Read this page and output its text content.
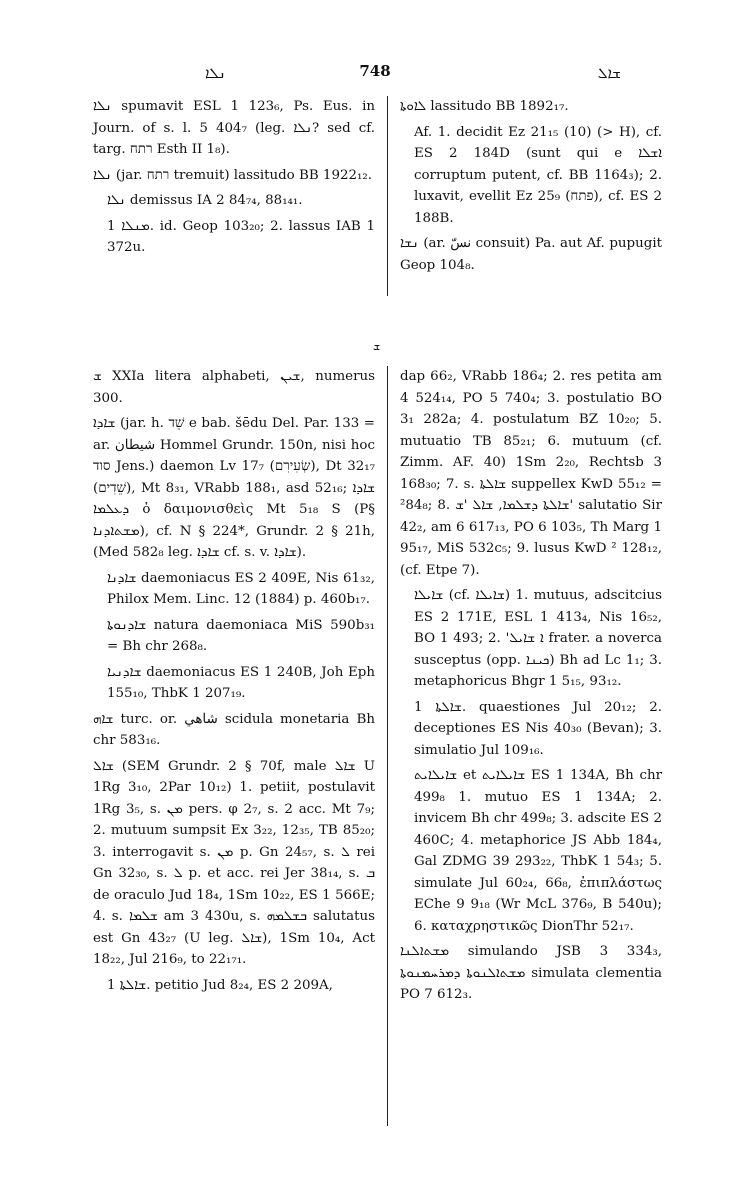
ܢܠܐ	748	ܫܐܠ

ܢܠܐ spumavit ESL 1 123₆, Ps. Eus. in Journ. of s. l. 5 404₇ (leg. ܢܠܐ? sed cf. targ. רתח Esth II 1₈).

ܢܠܐ (jar. רתח tremuit) lassitudo BB 1922₁₂.

ܢܠܐ demissus IA 2 84₇₄, 88₁₄₁.

ܡܢܠܐ 1. id. Geop 103₂₀; 2. lassus IAB 1 372u.

ܠܐܘܬܐ lassitudo BB 1892₁₇.

Af. 1. decidit Ez 21₁₅ (10) (> H), cf. ES 2 184D (sunt qui e ܐܫܠܐ corruptum putent, cf. BB 1164₃); 2. luxavit, evellit Ez 25₉ (פתח), cf. ES 2 188B.

ܢܫܐ (ar. نسّ consuit) Pa. aut Af. pupugit Geop 104₈.

ܫ

ܫ XXIa litera alphabeti, ܫܝܢ, numerus 300.

ܫܐܕܐ (jar. h. שֵׁד e bab. šēdu Del. Par. 133 = ar. شيطان Hommel Grundr. 150n, nisi hoc סוד Jens.) daemon Lv 17₇ (שְׂעִירִם), Dt 32₁₇ (שֵׁדִים), Mt 8₃₁, VRabb 188₁, asd 52₁₆; ܫܐܕܐ ܕܥܠܡܐ ὁ δαιμονισθεὶς Mt 5₁₈ S (P§ ܡܫܬܐܕܢܐ), cf. N § 224*, Grundr. 2 § 21h, (Med 582₈ leg. ܫܐܕܐ cf. s. v. ܫܐܕܐ).

ܫܐܕܢܐ daemoniacus ES 2 409E, Nis 61₃₂, Philox Mem. Linc. 12 (1884) p. 460b₁₇.

ܫܐܕܢܘܬܐ natura daemoniaca MiS 590b₃₁ = Bh chr 268₈.

ܫܐܕܢܝܐ daemoniacus ES 1 240B, Joh Eph 155₁₀, ThbK 1 207₁₉.

ܫܐܗ turc. or. شاهي scidula monetaria Bh chr 583₁₆.

ܫܐܠ (SEM Grundr. 2 § 70f, male ܫܐܠ U 1Rg 3₁₀, 2Par 10₁₂) 1. petiit, postulavit 1Rg 3₅, s. ܡܢ pers. φ 2₇, s. 2 acc. Mt 7₉; 2. mutuum sumpsit Ex 3₂₂, 12₃₅, TB 85₂₀; 3. interrogavit s. ܡܢ p. Gn 24₅₇, s. ܠ rei Gn 32₃₀, s. ܠ p. et acc. rei Jer 38₁₄, s. ܒ de oraculo Jud 18₄, 1Sm 10₂₂, ES 1 566E; 4. s. ܫܠܡܐ am 3 430u, s. ܒܫܠܡܗ salutatus est Gn 43₂₇ (U leg. ܫܐܠ), 1Sm 10₄, Act 18₂₂, Jul 216₉, to 22₁₇₁.

ܫܐܠܬܐ 1. petitio Jud 8₂₄, ES 2 209A,

dap 66₂, VRabb 186₄; 2. res petita am 4 524₁₄, PO 5 740₄; 3. postulatio BO 3₁ 282a; 4. postulatum BZ 10₂₀; 5. mutuatio TB 85₂₁; 6. mutuum (cf. Zimm. AF. 40) 1Sm 2₂₀, Rechtsb 3 168₃₀; 7. s. ܫܐܠܬܐ suppellex KwD 55₁₂ = ²84₈; 8. ܫܐܠܬܐ ܕܫܠܡܐ, ܫܐܠ 'ܫ' salutatio Sir 42₂, am 6 617₁₃, PO 6 103₅, Th Marg 1 95₁₇, MiS 532c₅; 9. lusus KwD ² 128₁₂, (cf. Etpe 7).

ܫܐܝܠܐ (cf. ܫܐܝܠܐ) 1. mutuus, adscitcius ES 2 171E, ESL 1 413₄, Nis 16₅₂, BO 1 493; 2. 'ܐ ܫܐܝܠ frater. a noverca susceptus (opp. ܟܝܢܐ) Bh ad Lc 1₁; 3. metaphoricus Bhgr 1 5₁₅, 93₁₂.

ܫܐܠܬܐ 1. quaestiones Jul 20₁₂; 2. deceptiones ES Nis 40₃₀ (Bevan); 3. simulatio Jul 109₁₆.

ܫܐܝܠܐܝܬ et ܫܐܝܠܐܝܬ ES 1 134A, Bh chr 499₈ 1. mutuo ES 1 134A; 2. invicem Bh chr 499₈; 3. adscite ES 2 460C; 4. metaphorice JS Abb 184₄, Gal ZDMG 39 293₂₂, ThbK 1 54₃; 5. simulate Jul 60₂₄, 66₈, ἐπιπλάστως EChe 9 9₁₈ (Wr McL 376₉, B 540u); 6. καταχρηστικῶς DionThr 52₁₇.

ܡܫܬܐܠܢܐ simulando JSB 3 334₃, ܡܫܬܐܠܢܘܬܐ ܕܡܪܚܡܢܘܬܐ simulata clementia PO 7 612₃.
